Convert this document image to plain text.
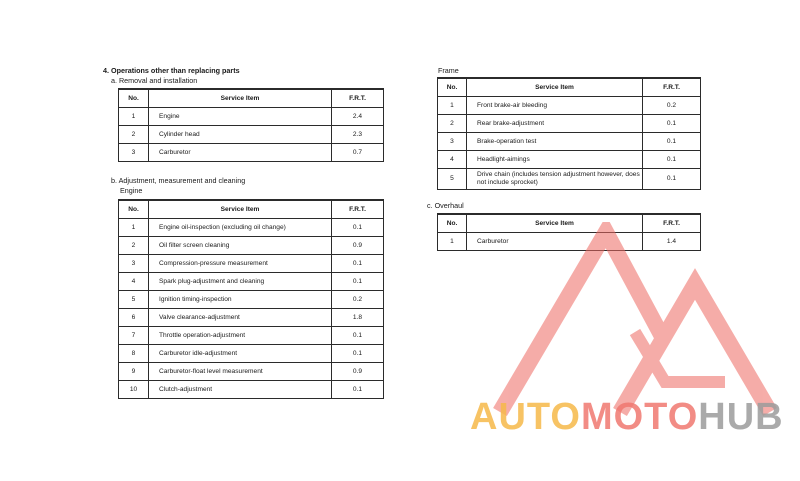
4. Operations other than replacing parts
a. Removal and installation
No.	Service Item	F.R.T.
1	Engine	2.4
2	Cylinder head	2.3
3	Carburetor	0.7
b. Adjustment, measurement and cleaning
Engine
No.	Service Item	F.R.T.
1	Engine oil-inspection (excluding oil change)	0.1
2	Oil filter screen cleaning	0.9
3	Compression-pressure measurement	0.1
4	Spark plug-adjustment and cleaning	0.1
5	Ignition timing-inspection	0.2
6	Valve clearance-adjustment	1.8
7	Throttle operation-adjustment	0.1
8	Carburetor idle-adjustment	0.1
9	Carburetor-float level measurement	0.9
10	Clutch-adjustment	0.1
Frame
No.	Service Item	F.R.T.
1	Front brake-air bleeding	0.2
2	Rear brake-adjustment	0.1
3	Brake-operation test	0.1
4	Headlight-aimings	0.1
5	Drive chain (includes tension adjustment however, does not include sprocket)	0.1
c. Overhaul
No.	Service Item	F.R.T.
1	Carburetor	1.4
AUTOMOTOHUB
